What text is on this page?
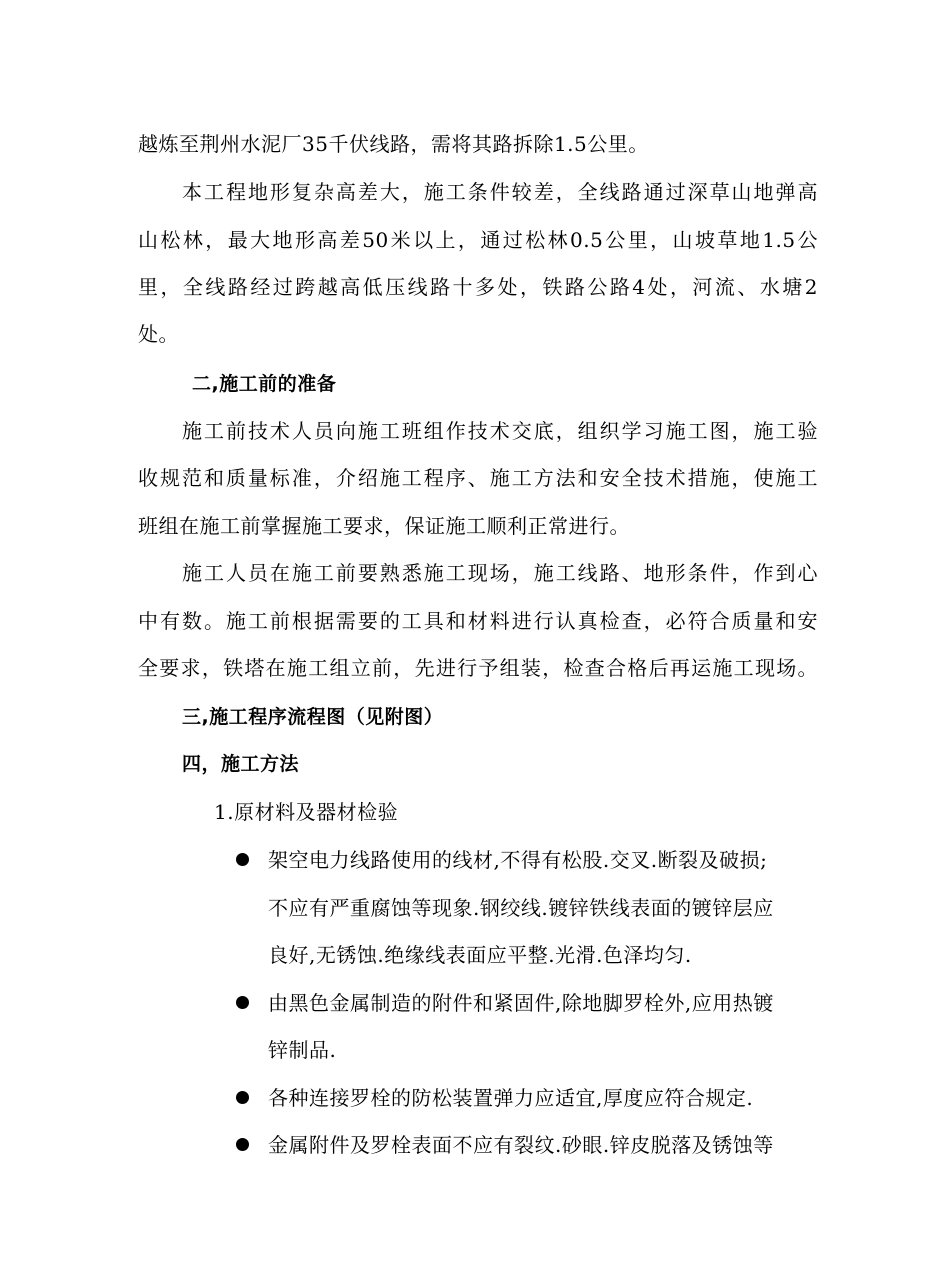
越炼至荆州水泥厂35千伏线路，需将其路拆除1.5公里。
本工程地形复杂高差大，施工条件较差，全线路通过深草山地弹高
山松林，最大地形高差50米以上，通过松林0.5公里，山坡草地1.5公
里，全线路经过跨越高低压线路十多处，铁路公路4处，河流、水塘2
处。
二,施工前的准备
施工前技术人员向施工班组作技术交底，组织学习施工图，施工验
收规范和质量标准，介绍施工程序、施工方法和安全技术措施，使施工
班组在施工前掌握施工要求，保证施工顺利正常进行。
施工人员在施工前要熟悉施工现场，施工线路、地形条件，作到心
中有数。施工前根据需要的工具和材料进行认真检查，必符合质量和安
全要求，铁塔在施工组立前，先进行予组装，检查合格后再运施工现场。
三,施工程序流程图（见附图）
四，施工方法
1.原材料及器材检验
架空电力线路使用的线材,不得有松股.交叉.断裂及破损;
不应有严重腐蚀等现象.钢绞线.镀锌铁线表面的镀锌层应
良好,无锈蚀.绝缘线表面应平整.光滑.色泽均匀.
由黑色金属制造的附件和紧固件,除地脚罗栓外,应用热镀
锌制品.
各种连接罗栓的防松装置弹力应适宜,厚度应符合规定.
金属附件及罗栓表面不应有裂纹.砂眼.锌皮脱落及锈蚀等
